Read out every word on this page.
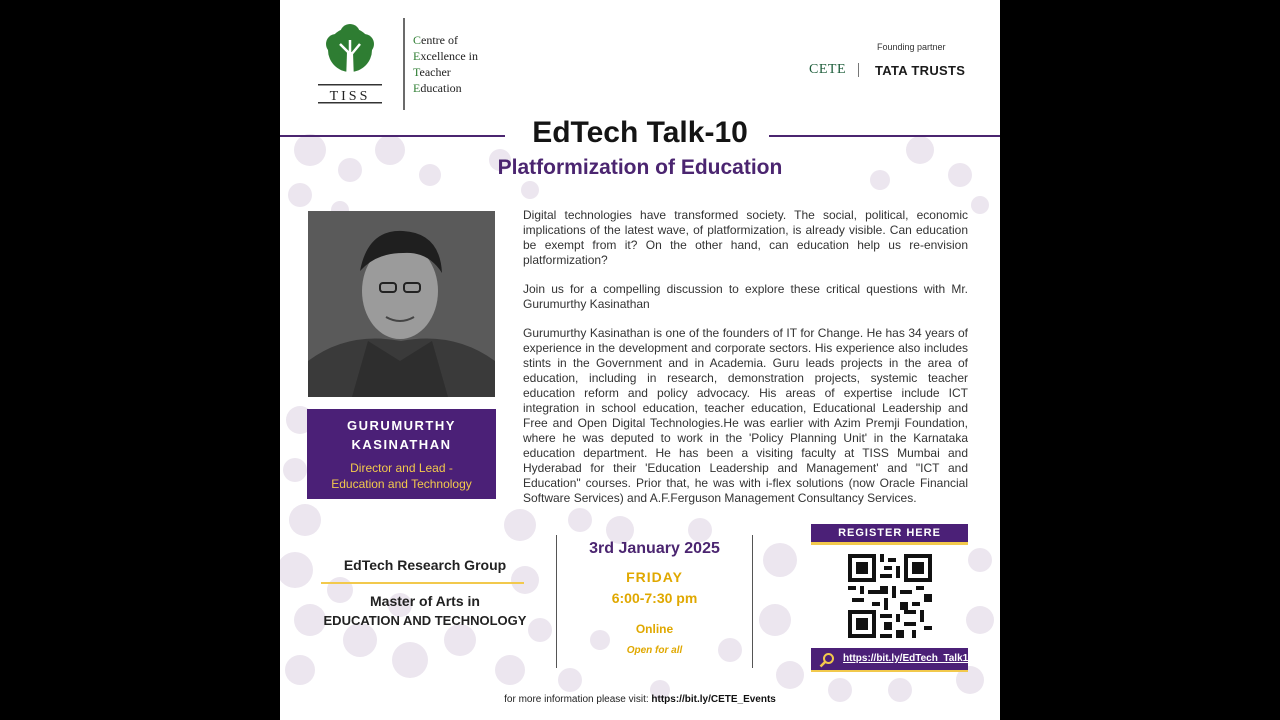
TISS
Centre of
Excellence in
Teacher
Education
Founding partner
CETE TATA TRUSTS
EdTech Talk-10
Platformization of Education
GURUMURTHY
KASINATHAN
Director and Lead -
Education and Technology

Digital technologies have transformed society. The social, political, economic implications of the latest wave, of platformization, is already visible. Can education be exempt from it? On the other hand, can education help us re-envision platformization?

Join us for a compelling discussion to explore these critical questions with Mr. Gurumurthy Kasinathan

Gurumurthy Kasinathan is one of the founders of IT for Change. He has 34 years of experience in the development and corporate sectors. His experience also includes stints in the Government and in Academia. Guru leads projects in the area of education, including in research, demonstration projects, systemic teacher education reform and policy advocacy. His areas of expertise include ICT integration in school education, teacher education, Educational Leadership and Free and Open Digital Technologies.He was earlier with Azim Premji Foundation, where he was deputed to work in the 'Policy Planning Unit' in the Karnataka education department. He has been a visiting faculty at TISS Mumbai and Hyderabad for their 'Education Leadership and Management' and "ICT and Education" courses. Prior that, he was with i-flex solutions (now Oracle Financial Software Services) and A.F.Ferguson Management Consultancy Services.

EdTech Research Group
Master of Arts in
EDUCATION AND TECHNOLOGY
3rd January 2025
FRIDAY
6:00-7:30 pm
Online
Open for all
REGISTER HERE
https://bit.ly/EdTech_Talk10
for more information please visit: https://bit.ly/CETE_Events
